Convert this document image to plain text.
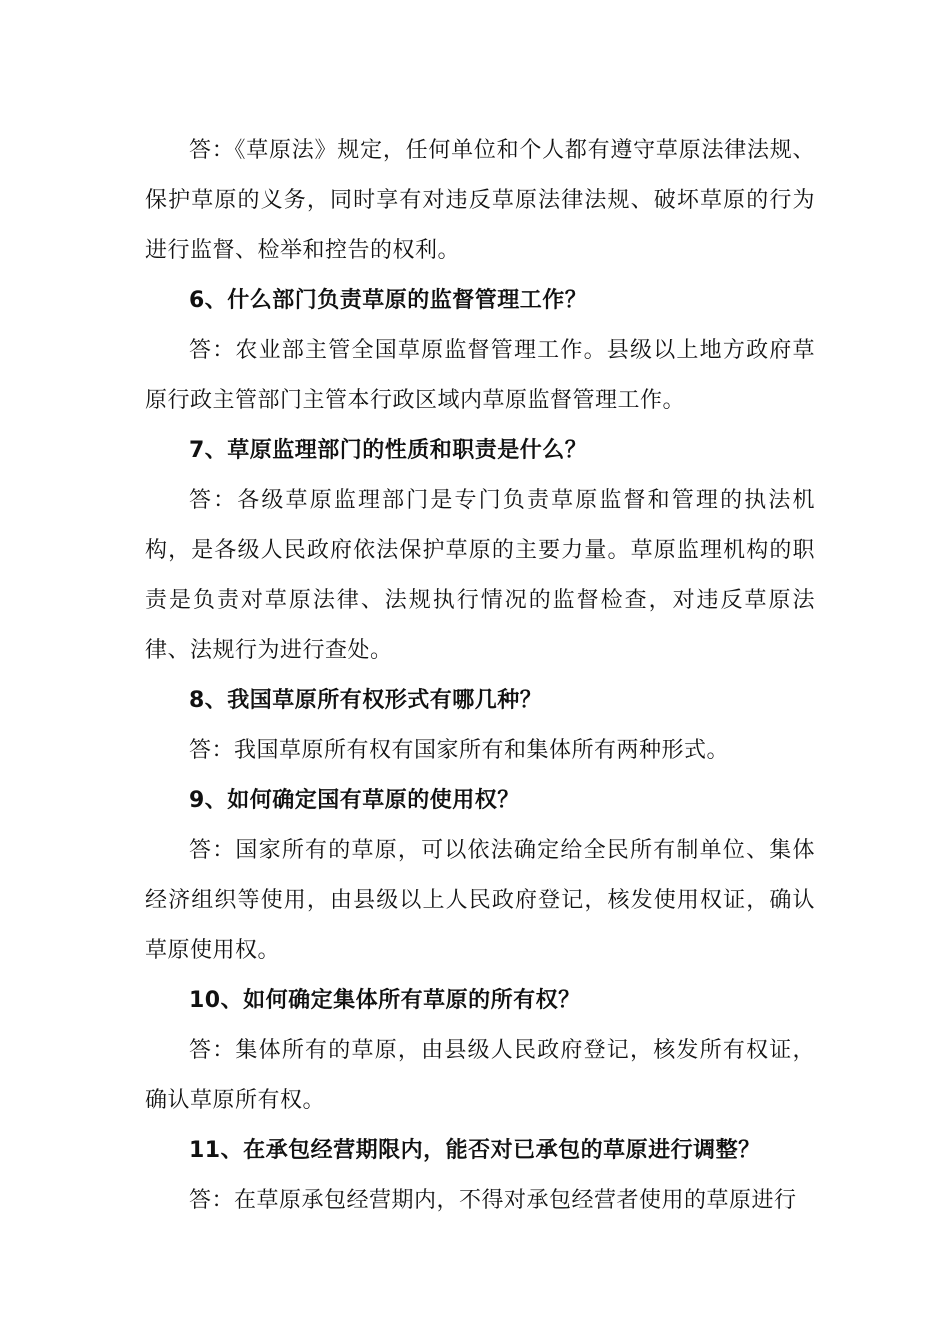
答：《草原法》规定，任何单位和个人都有遵守草原法律法规、保护草原的义务，同时享有对违反草原法律法规、破坏草原的行为进行监督、检举和控告的权利。

6、什么部门负责草原的监督管理工作？

答：农业部主管全国草原监督管理工作。县级以上地方政府草原行政主管部门主管本行政区域内草原监督管理工作。

7、草原监理部门的性质和职责是什么？

答：各级草原监理部门是专门负责草原监督和管理的执法机构，是各级人民政府依法保护草原的主要力量。草原监理机构的职责是负责对草原法律、法规执行情况的监督检查，对违反草原法律、法规行为进行查处。

8、我国草原所有权形式有哪几种？

答：我国草原所有权有国家所有和集体所有两种形式。

9、如何确定国有草原的使用权？

答：国家所有的草原，可以依法确定给全民所有制单位、集体经济组织等使用，由县级以上人民政府登记，核发使用权证，确认草原使用权。

10、如何确定集体所有草原的所有权？

答：集体所有的草原，由县级人民政府登记，核发所有权证，确认草原所有权。

11、在承包经营期限内，能否对已承包的草原进行调整？

答：在草原承包经营期内，不得对承包经营者使用的草原进行
